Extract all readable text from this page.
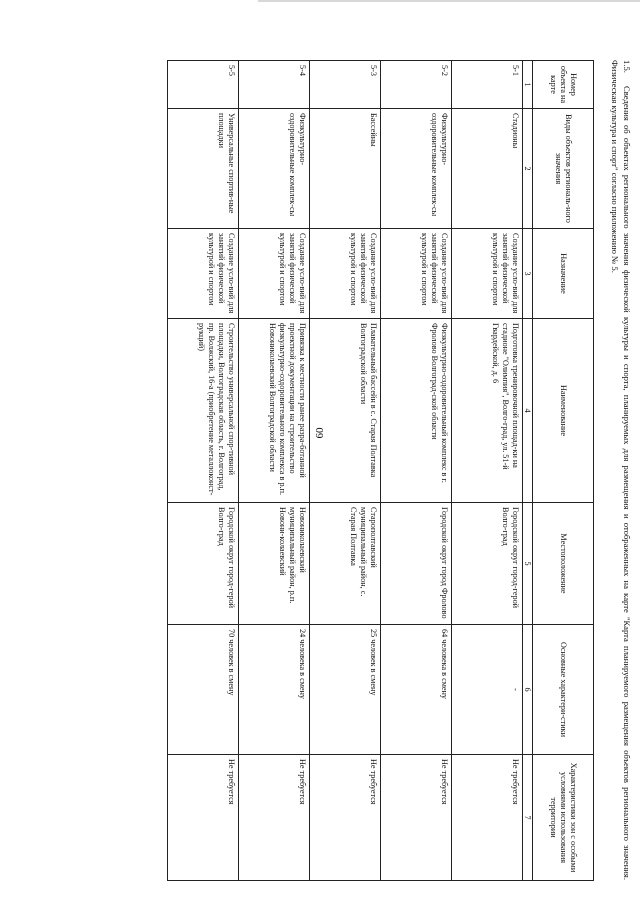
60
1.5.Сведения об объектах регионального значения физической культуры и спорта, планируемых для размещения и отображенных на карте "Карта планируемого размещения объектов регионального значения. Физическая культура и спорт" согласно приложению № 5.
Номер объекта на карте	Виды объектов региональ-ного значения	Назначение	Наименование	Местоположение	Основные характери-стики	Характеристики зон с особыми условиями использования территории
1	2	3	4	5	6	7
5-1	Стадионы	Создание усло-вий для занятий физической культурой и спортом	Подготовка тренировочной площад-ки на стадионе "Олимпия", Волго-град, ул. 51-й Гвардейской, д. 6	Городской округ город-герой Волго-град	-	Не требуется
5-2	Физкультурно-оздоровительные комплек-сы	Создание усло-вий для занятий физической культурой и спортом	Физкультурно-оздоровительный комплекс в г. Фролово Волгоград-ской области	Городской округ город Фролово	64 человека в смену	Не требуется
5-3	Бассейны	Создание усло-вий для занятий физической культурой и спортом	Плавательный бассейн в с. Старая Полтавка Волгоградской области	Старополтавский муниципальный район, с. Старая Полтавка	25 человек в смену	Не требуется
5-4	Физкультурно-оздоровительные комплек-сы	Создание усло-вий для занятий физической культурой и спортом	Привязка к местности ранее разра-ботанной проектной документации на строительство физкультурно-оздоровительного комплекса в р.п. Новониколаевский Волгоградской области	Новониколаевский муниципальный район, р.п. Новони-колаевский	24 человека в смену	Не требуется
5-5	Универсальные спортив-ные площадки	Создание усло-вий для занятий физической культурой и спортом	Строительство универсальной спор-тивной площадки, Волгоградская область, г. Волгоград, пр. Волжский, 16-а (приобретение металлоконст-рукций)	Городской округ город-герой Волго-град	70 человек в смену	Не требуется
